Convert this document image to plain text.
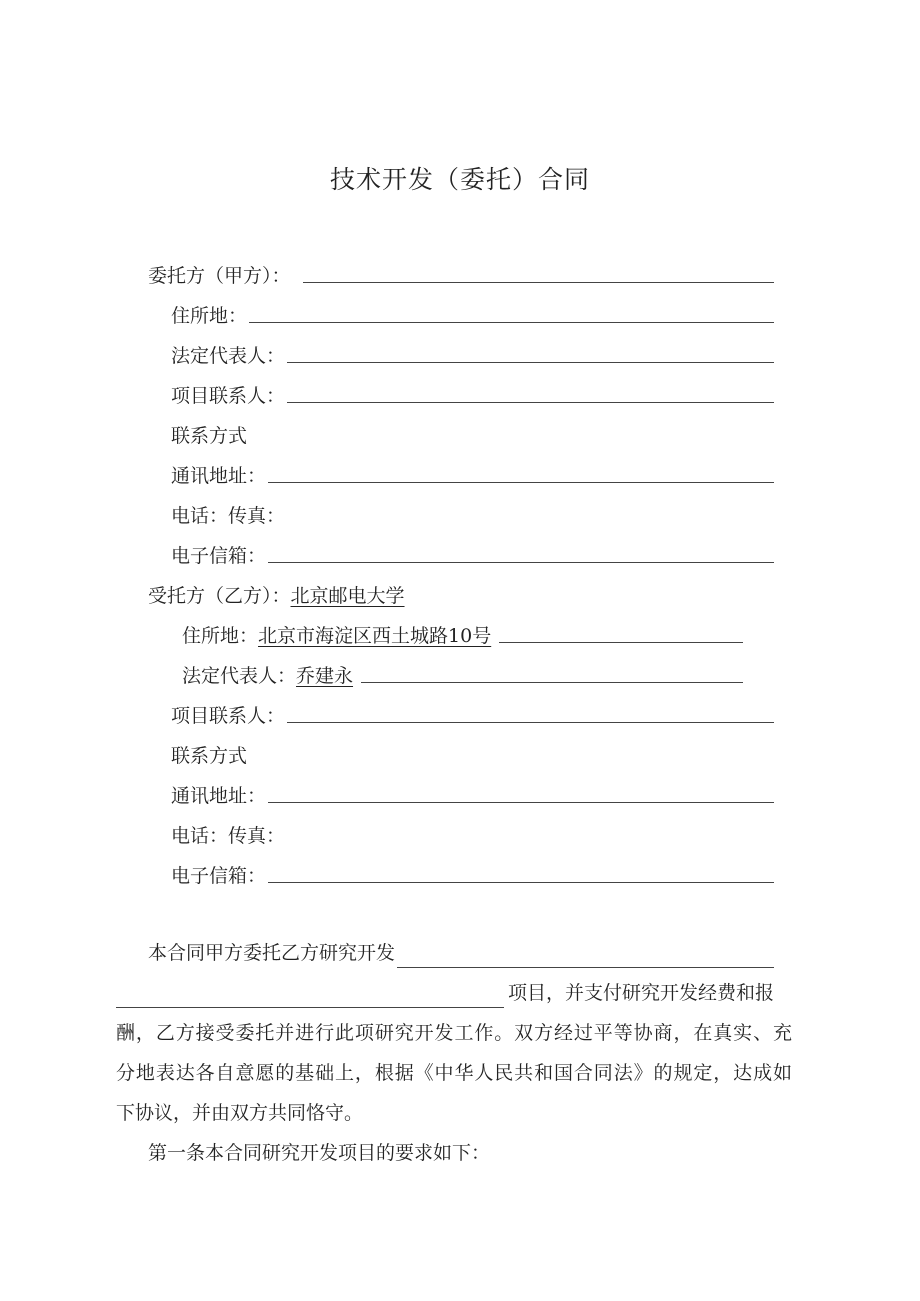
技术开发（委托）合同
委托方（甲方）：
住所地：
法定代表人：
项目联系人：
联系方式
通讯地址：
电话：传真：
电子信箱：
受托方（乙方）： 北京邮电大学
住所地： 北京市海淀区西土城路10号
法定代表人： 乔建永
项目联系人：
联系方式
通讯地址：
电话：传真：
电子信箱：
本合同甲方委托乙方研究开发
项目，并支付研究开发经费和报
酬，乙方接受委托并进行此项研究开发工作。双方经过平等协商，在真实、充
分地表达各自意愿的基础上，根据《中华人民共和国合同法》的规定，达成如
下协议，并由双方共同恪守。
第一条本合同研究开发项目的要求如下：
